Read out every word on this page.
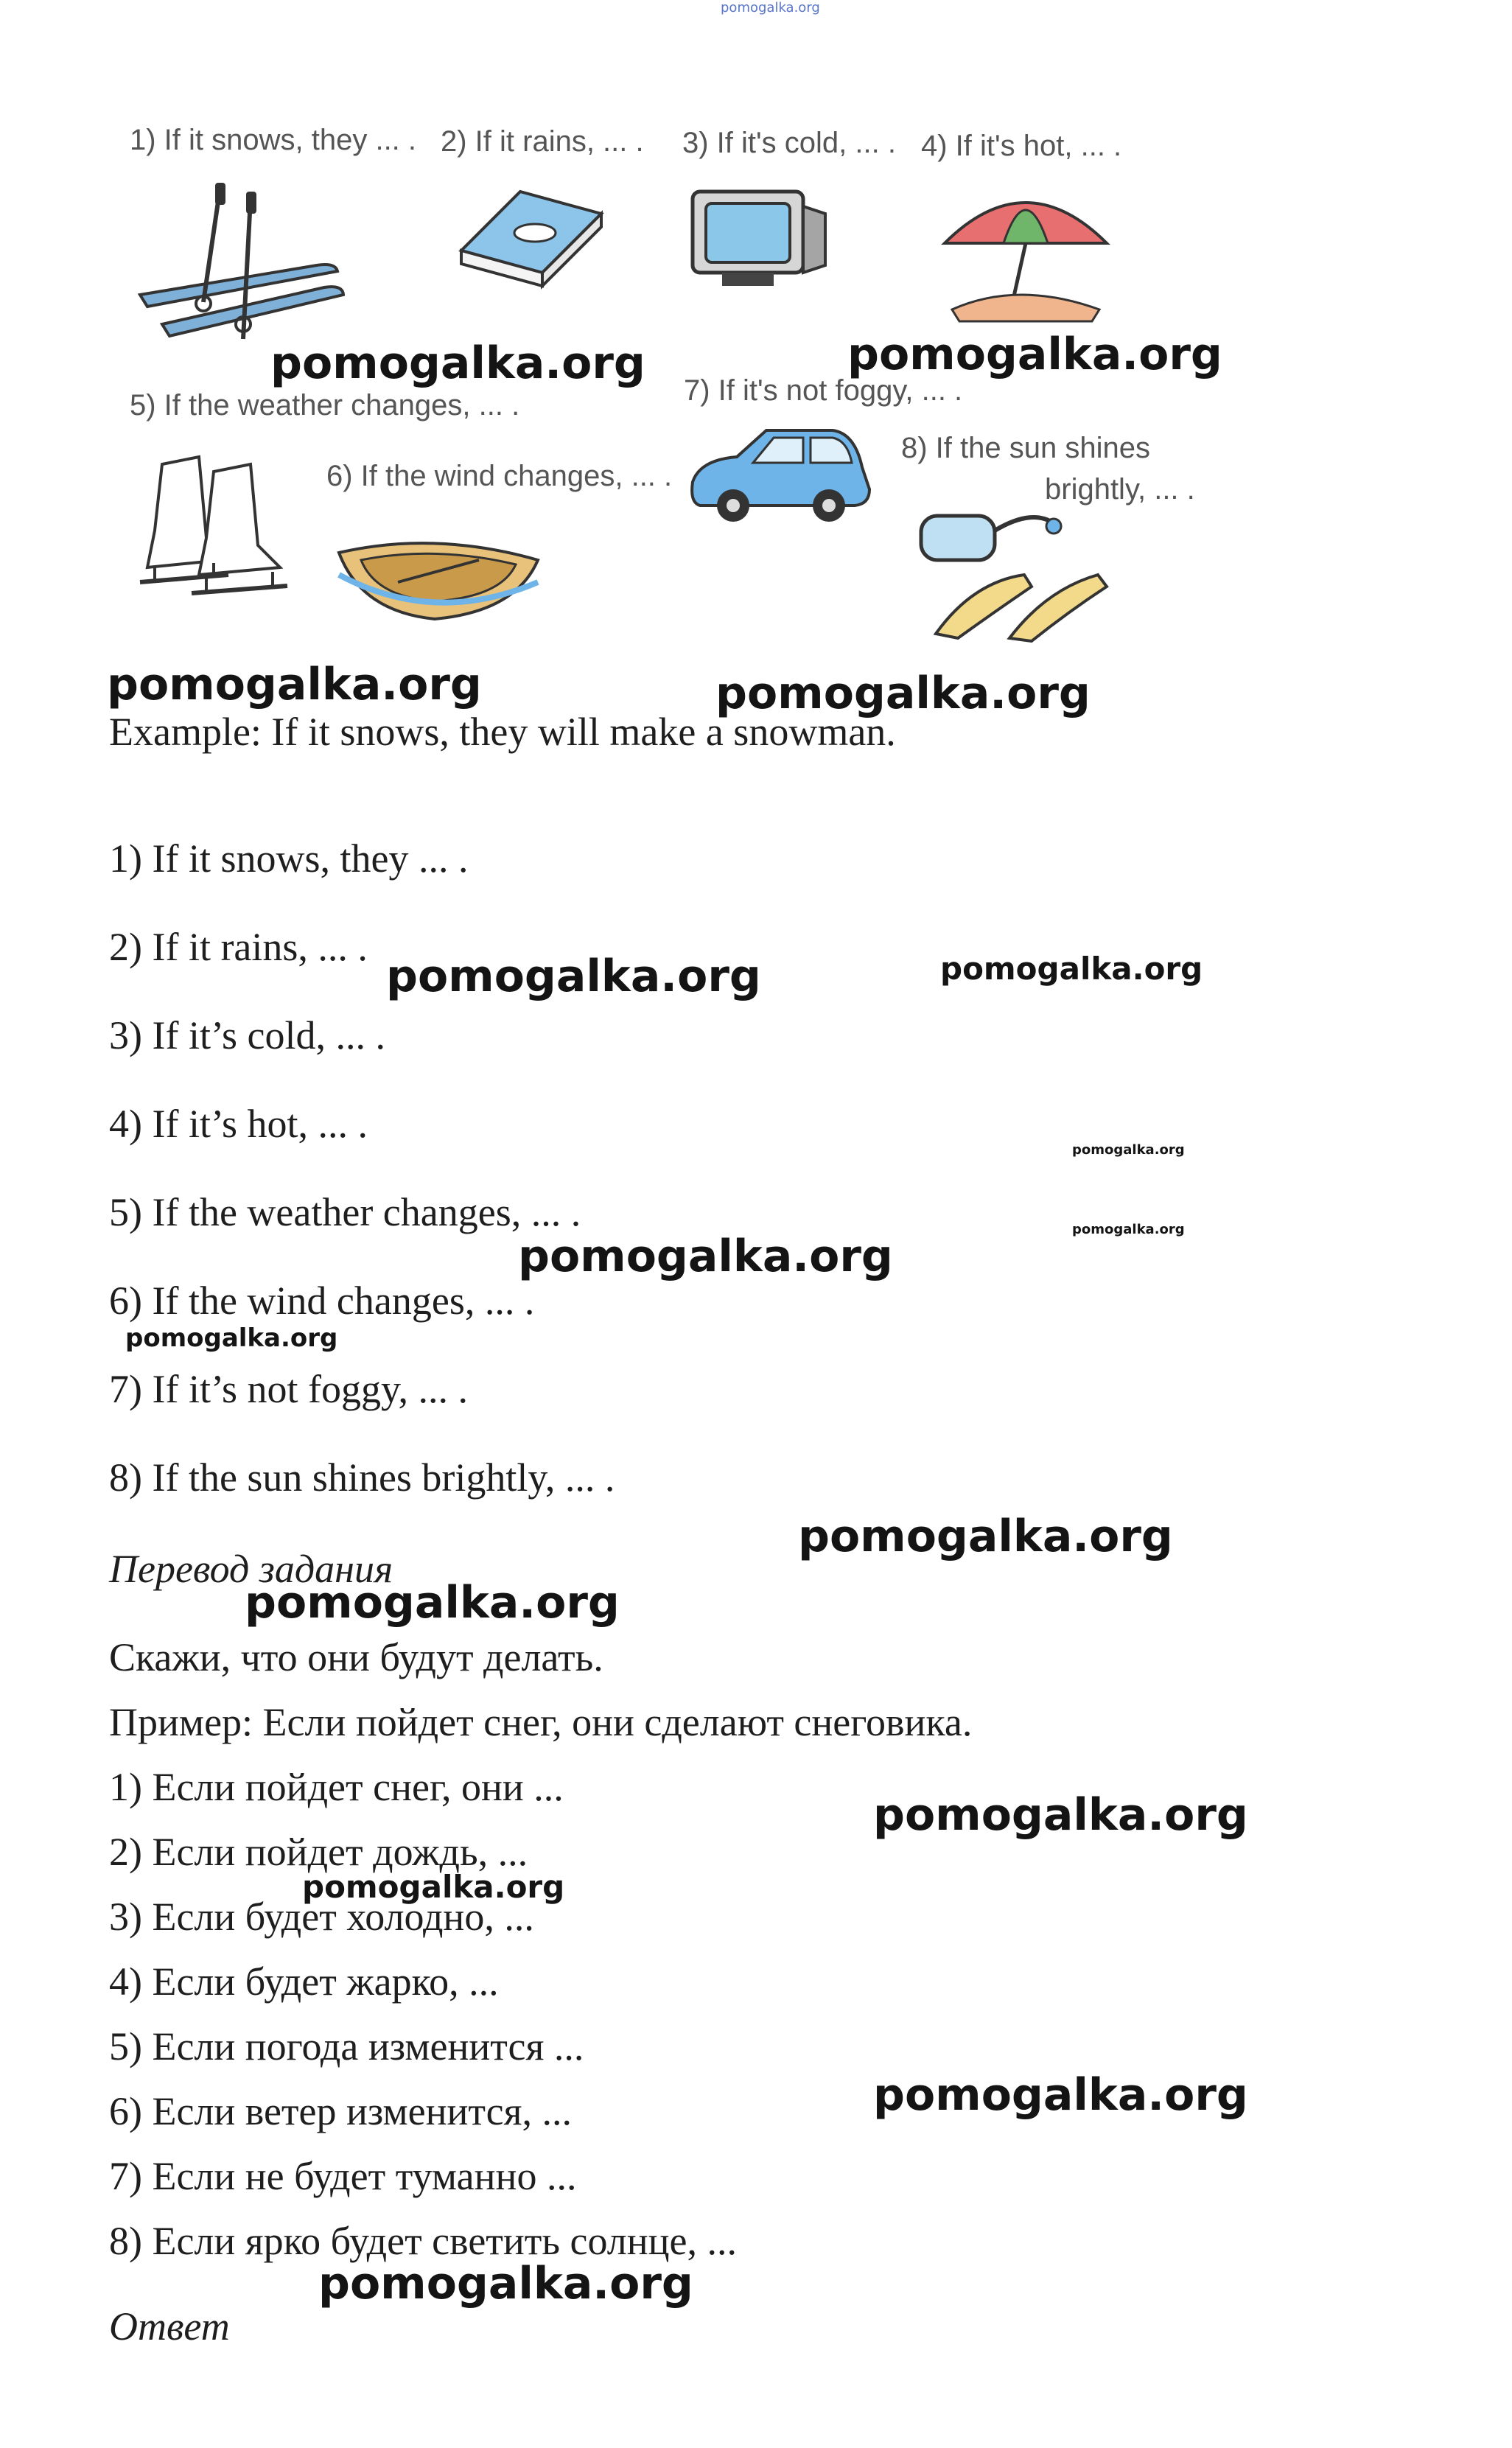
pomogalka.org
1) If it snows, they ... . 2) If it rains, ... . 3) If it's cold, ... . 4) If it's hot, ... .
5) If the weather changes, ... .	7) If it's not foggy, ... .
6) If the wind changes, ... .
8) If the sun shines
brightly, ... .
pomogalka.org	pomogalka.org
pomogalka.org	pomogalka.org
Example: If it snows, they will make a snowman.
1) If it snows, they ... .
2) If it rains, ... .
3) If it’s cold, ... .
4) If it’s hot, ... .
5) If the weather changes, ... .
6) If the wind changes, ... .
7) If it’s not foggy, ... .
8) If the sun shines brightly, ... .
pomogalka.org	pomogalka.org
pomogalka.org
pomogalka.org
pomogalka.org
pomogalka.org
pomogalka.org
Перевод задания
pomogalka.org
Скажи, что они будут делать.
Пример: Если пойдет снег, они сделают снеговика.
1) Если пойдет снег, они ...
2) Если пойдет дождь, ...
3) Если будет холодно, ...
4) Если будет жарко, ...
5) Если погода изменится ...
6) Если ветер изменится, ...
7) Если не будет туманно ...
8) Если ярко будет светить солнце, ...
pomogalka.org
pomogalka.org
pomogalka.org
pomogalka.org
Ответ
